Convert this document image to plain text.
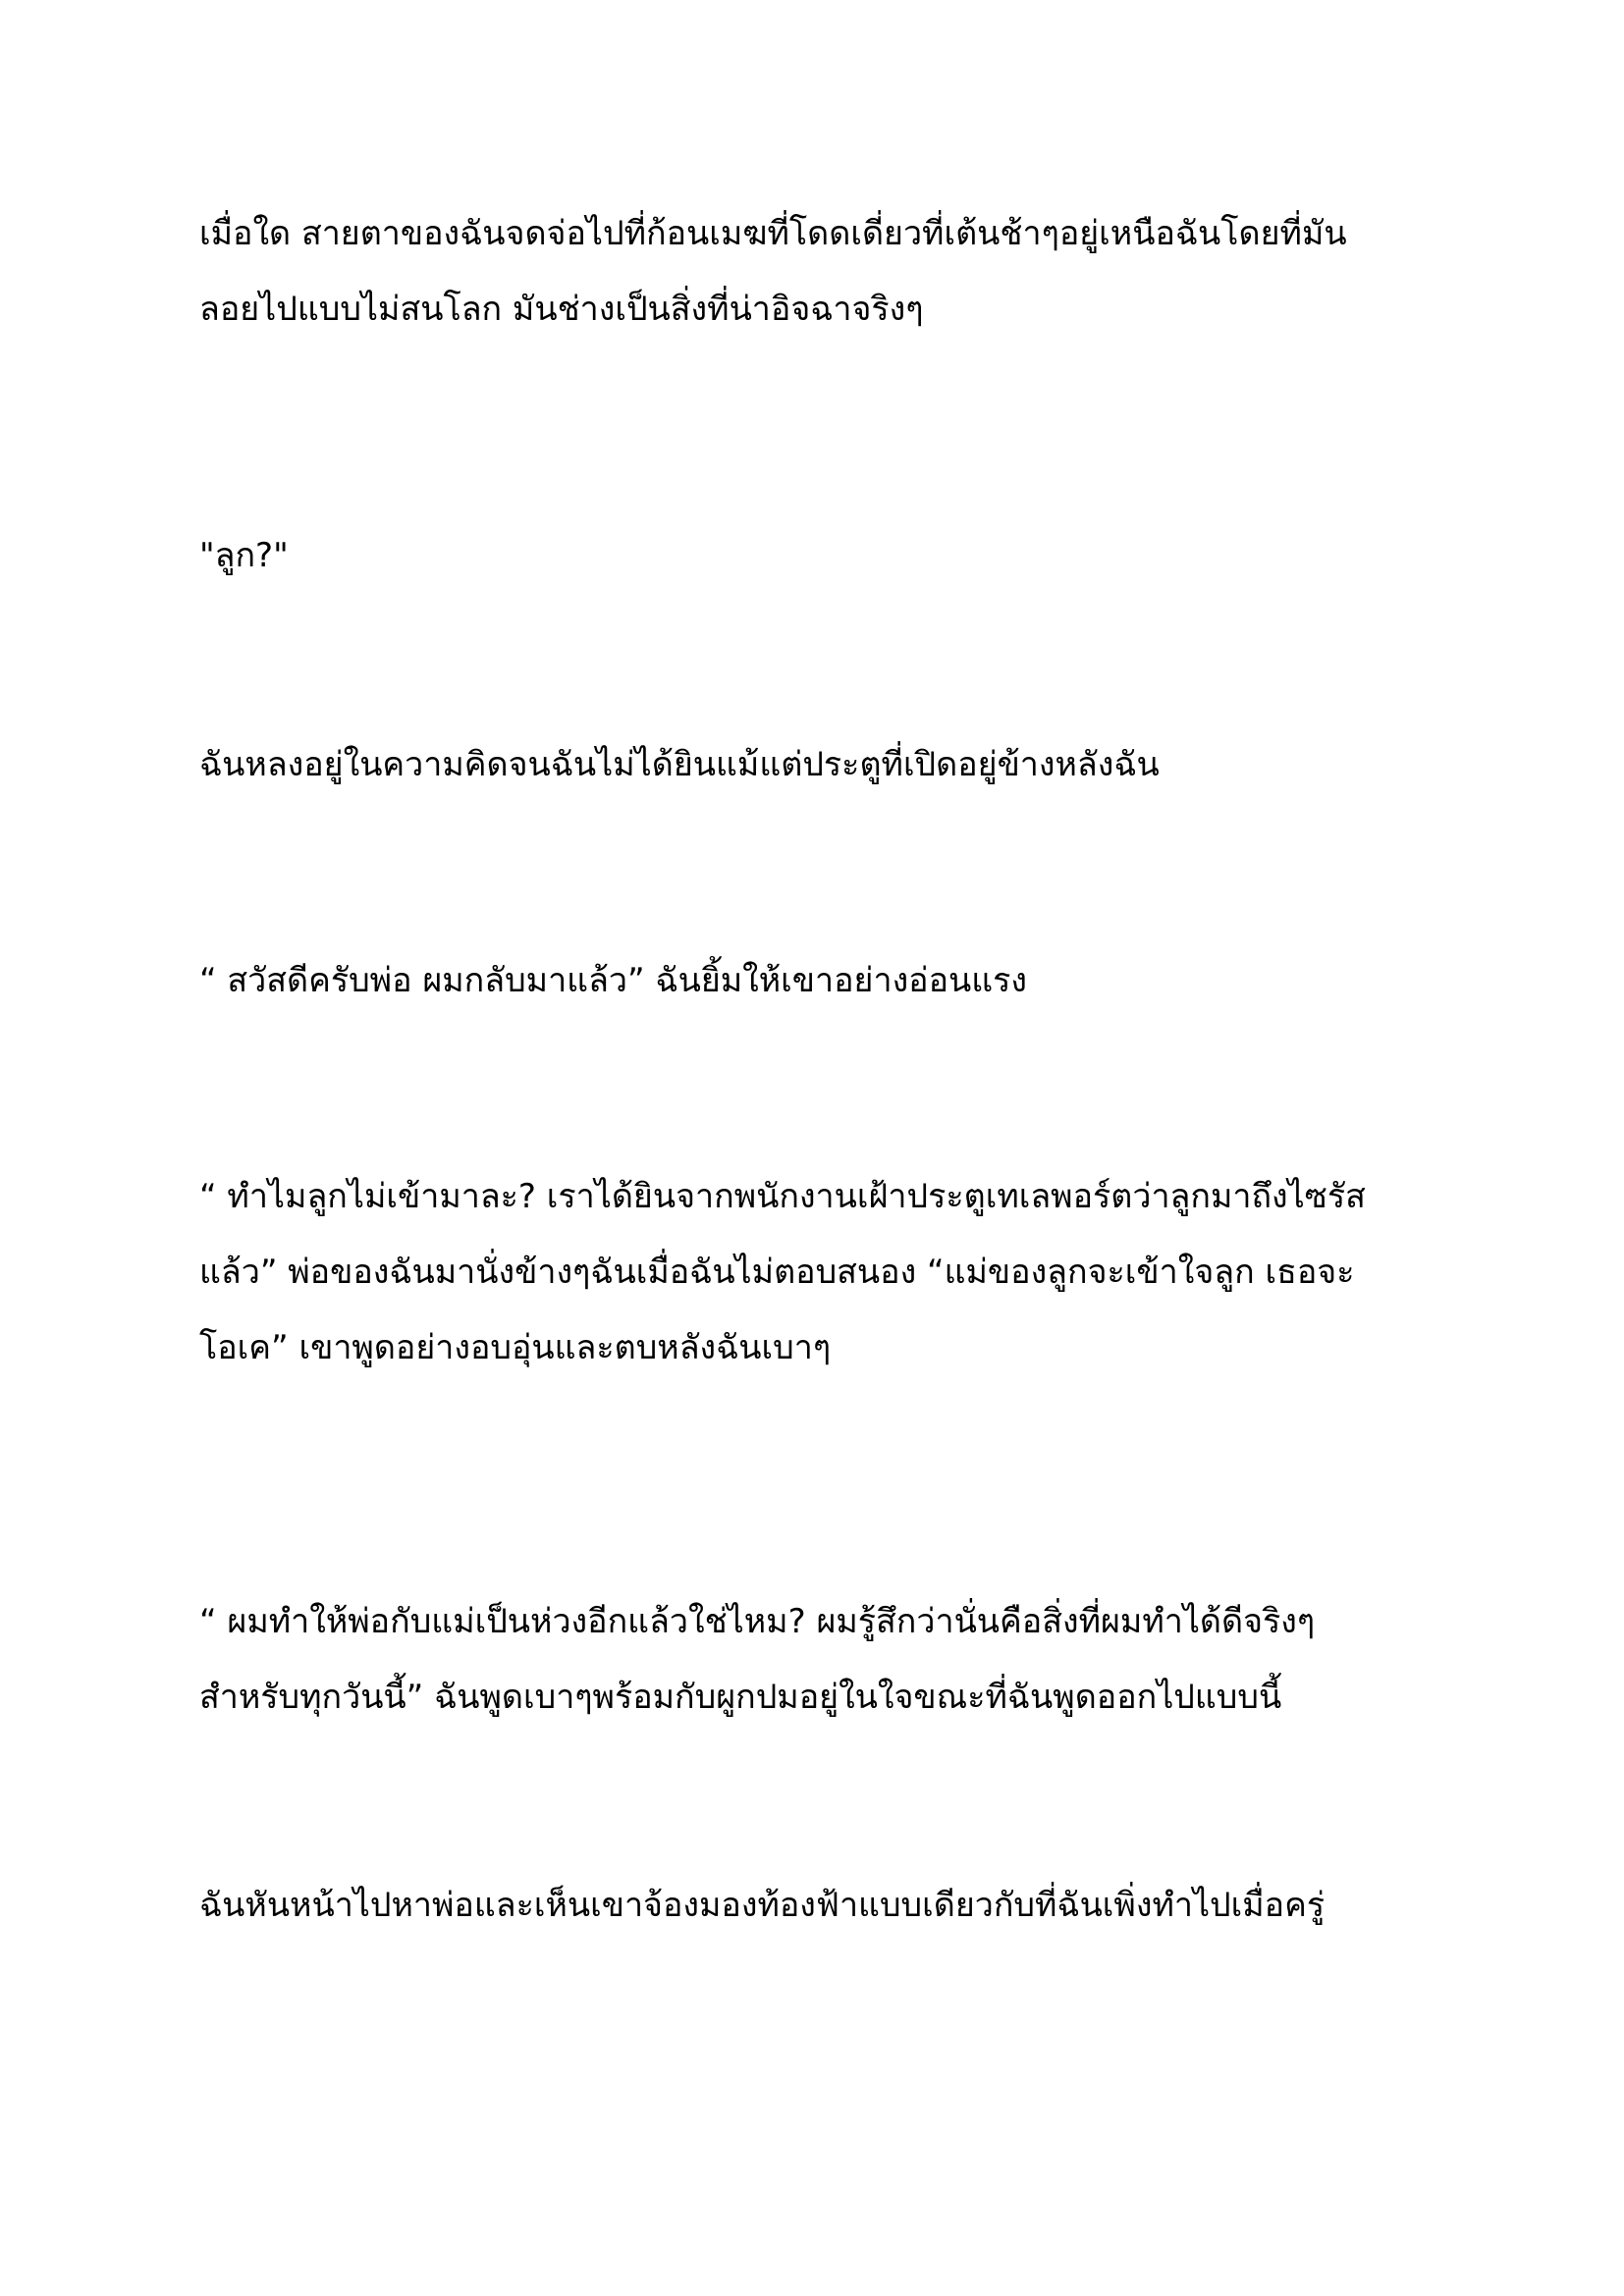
เมื่อใด สายตาของฉันจดจ่อไปที่ก้อนเมฆที่โดดเดี่ยวที่เต้นช้าๆอยู่เหนือฉันโดยที่มัน
ลอยไปแบบไม่สนโลก มันช่างเป็นสิ่งที่น่าอิจฉาจริงๆ

"ลูก?"

ฉันหลงอยู่ในความคิดจนฉันไม่ได้ยินแม้แต่ประตูที่เปิดอยู่ข้างหลังฉัน

“ สวัสดีครับพ่อ ผมกลับมาแล้ว” ฉันยิ้มให้เขาอย่างอ่อนแรง

“ ทำไมลูกไม่เข้ามาละ? เราได้ยินจากพนักงานเฝ้าประตูเทเลพอร์ตว่าลูกมาถึงไซรัส
แล้ว” พ่อของฉันมานั่งข้างๆฉันเมื่อฉันไม่ตอบสนอง “แม่ของลูกจะเข้าใจลูก เธอจะ
โอเค” เขาพูดอย่างอบอุ่นและตบหลังฉันเบาๆ

“ ผมทำให้พ่อกับแม่เป็นห่วงอีกแล้วใช่ไหม? ผมรู้สึกว่านั่นคือสิ่งที่ผมทำได้ดีจริงๆ
สำหรับทุกวันนี้” ฉันพูดเบาๆพร้อมกับผูกปมอยู่ในใจขณะที่ฉันพูดออกไปแบบนี้

ฉันหันหน้าไปหาพ่อและเห็นเขาจ้องมองท้องฟ้าแบบเดียวกับที่ฉันเพิ่งทำไปเมื่อครู่
